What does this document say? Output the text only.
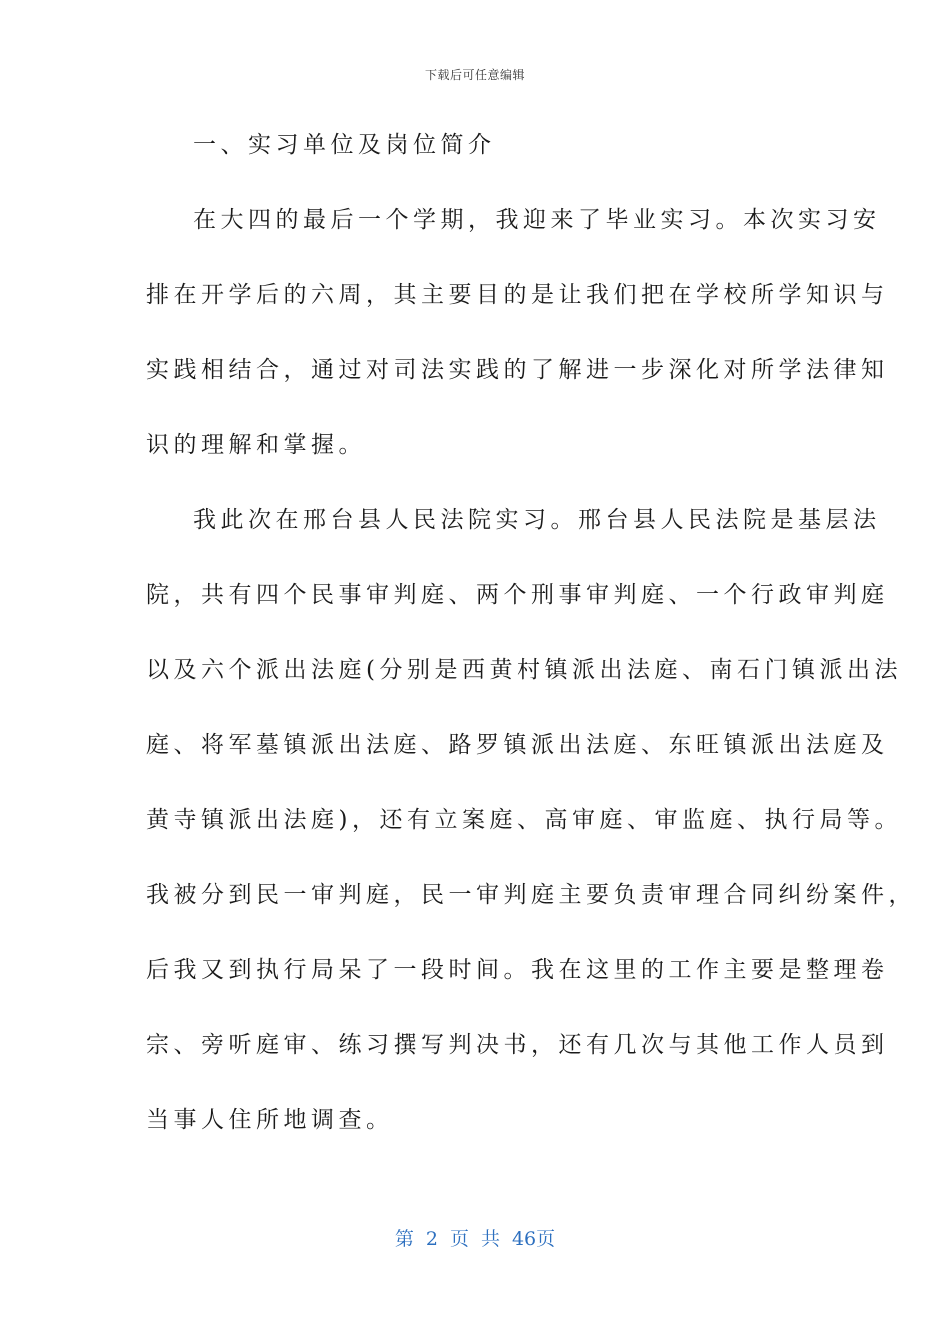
下载后可任意编辑
一、实习单位及岗位简介
在大四的最后一个学期，我迎来了毕业实习。本次实习安
排在开学后的六周，其主要目的是让我们把在学校所学知识与
实践相结合，通过对司法实践的了解进一步深化对所学法律知
识的理解和掌握。
我此次在邢台县人民法院实习。邢台县人民法院是基层法
院，共有四个民事审判庭、两个刑事审判庭、一个行政审判庭
以及六个派出法庭(分别是西黄村镇派出法庭、南石门镇派出法
庭、将军墓镇派出法庭、路罗镇派出法庭、东旺镇派出法庭及
黄寺镇派出法庭)，还有立案庭、高审庭、审监庭、执行局等。
我被分到民一审判庭，民一审判庭主要负责审理合同纠纷案件，
后我又到执行局呆了一段时间。我在这里的工作主要是整理卷
宗、旁听庭审、练习撰写判决书，还有几次与其他工作人员到
当事人住所地调查。
第 2 页 共 46页
